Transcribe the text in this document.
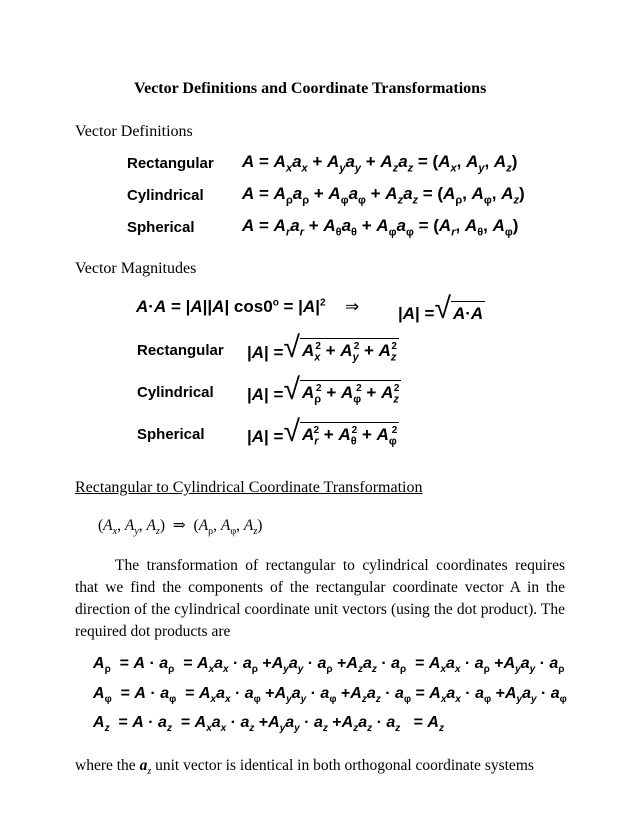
Vector Definitions and Coordinate Transformations
Vector Definitions
Rectangular $A = A_xa_x + A_ya_y + A_za_z = (A_x$, $A_y$, $A_z$)
Cylindrical $A = A_\rho a_\rho + A_\varphi a_\varphi + A_za_z = (A_\rho$, $A_\varphi$, $A_z$)
Spherical	$A = A_ra_r + A_\theta a_\theta + A_\varphi a_\varphi = (A_r$, $A_\theta$, $A_\varphi$)
Vector Magnitudes
A·A = |A||A| $\cos 0^o = |A|^2$ ⇒ | A | = √ A·A
Rectangular | A | = √ $A_x^2 + A_y^2 + A_z^2$
Cylindrical | A | = √ $A_\rho^2 + A_\varphi^2 + A_z^2$
Spherical | A | = √ $A_r^2 + A_\theta^2 + A_\varphi^2$
Rectangular to Cylindrical Coordinate Transformation
($A_x$, $A_y$, $A_z$)  ⇒  ($A_\rho$, $A_\varphi$, $A_z$)
The transformation of rectangular to cylindrical coordinates requires that we find the components of the rectangular coordinate vector A in the direction of the cylindrical coordinate unit vectors (using the dot product). The required dot products are
$A_\rho = A \cdot a_\rho = A_xa_x \cdot a_\rho +A_ya_y \cdot a_\rho +A_za_z \cdot a_\rho = A_xa_x \cdot a_\rho +A_ya_y \cdot a_\rho$
$A_\varphi = A \cdot a_\varphi = A_xa_x \cdot a_\varphi +A_ya_y \cdot a_\varphi +A_za_z \cdot a_\varphi = A_xa_x \cdot a_\varphi +A_ya_y \cdot a_\varphi$
$A_z = A \cdot a_z = A_xa_x \cdot a_z +A_ya_y \cdot a_z +A_za_z \cdot a_z = A_z$
where the $a_z$ unit vector is identical in both orthogonal coordinate systems
